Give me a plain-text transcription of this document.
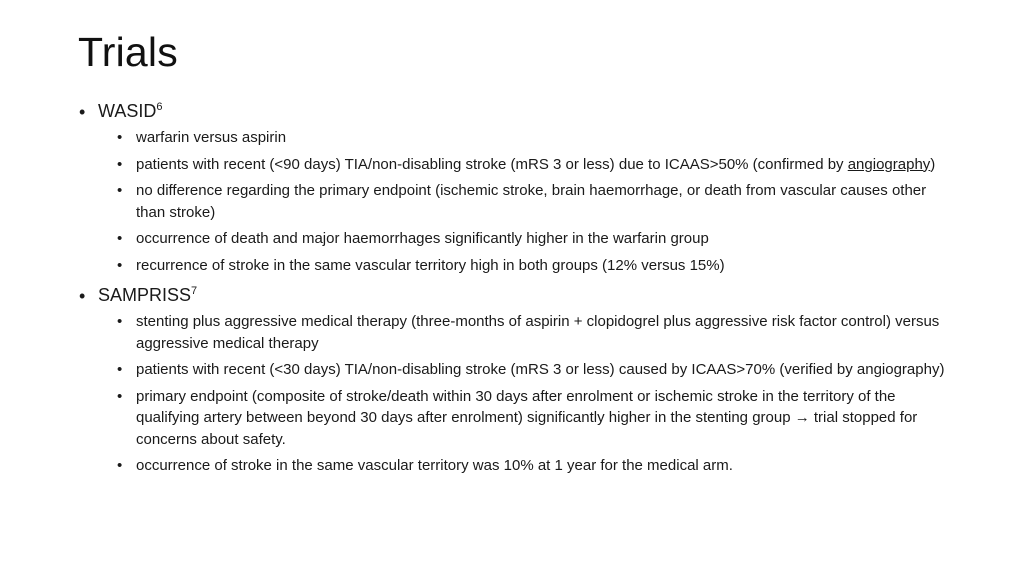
Trials
• WASID$^6$
• warfarin versus aspirin
• patients with recent (<90 days) TIA/non-disabling stroke (mRS 3 or less) due to ICAAS>50% (confirmed by angiography)
• no difference regarding the primary endpoint (ischemic stroke, brain haemorrhage, or death from vascular causes other than stroke)
• occurrence of death and major haemorrhages significantly higher in the warfarin group
• recurrence of stroke in the same vascular territory high in both groups (12% versus 15%)
• SAMPRISS$^7$
• stenting plus aggressive medical therapy (three-months of aspirin + clopidogrel plus aggressive risk factor control) versus aggressive medical therapy
• patients with recent (<30 days) TIA/non-disabling stroke (mRS 3 or less) caused by ICAAS>70% (verified by angiography)
• primary endpoint (composite of stroke/death within 30 days after enrolment or ischemic stroke in the territory of the qualifying artery between beyond 30 days after enrolment) significantly higher in the stenting group → trial stopped for concerns about safety.
• occurrence of stroke in the same vascular territory was 10% at 1 year for the medical arm.
